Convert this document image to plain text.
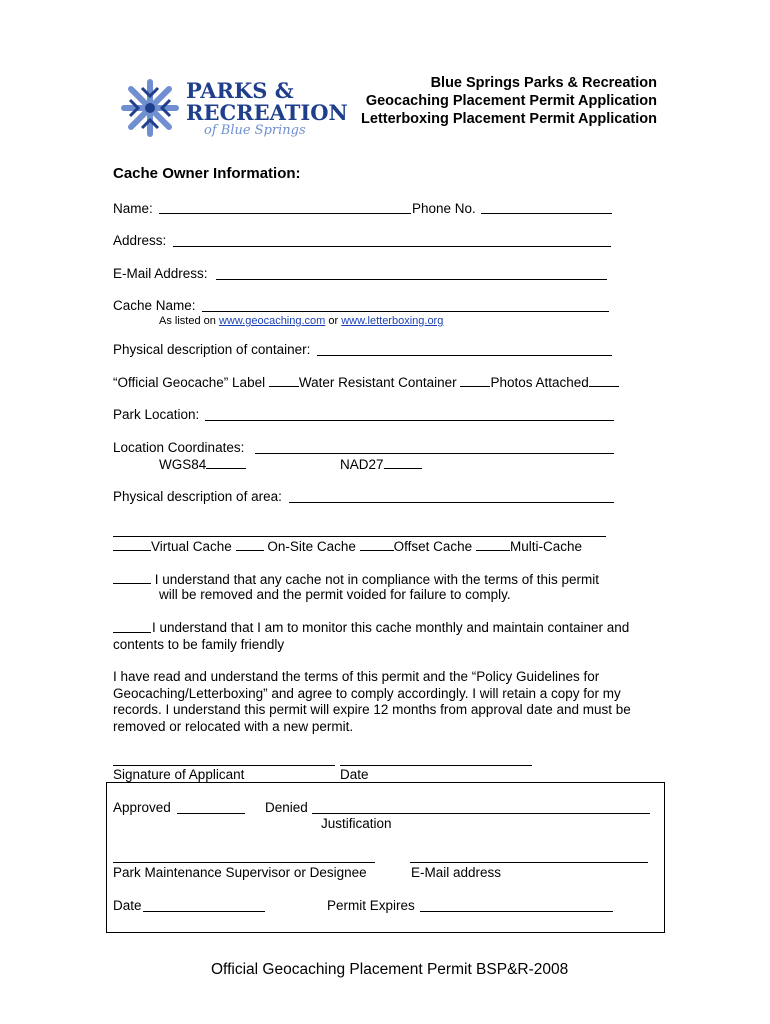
PARKS &
RECREATION
of Blue Springs
Blue Springs Parks & Recreation
Geocaching Placement Permit Application
Letterboxing Placement Permit Application
Cache Owner Information:
Name:	Phone No.
Address:
E-Mail Address:
Cache Name:
As listed on www.geocaching.com or www.letterboxing.org
Physical description of container:
“Official Geocache” Label	Water Resistant Container	Photos Attached
Park Location:
Location Coordinates:
WGS84	NAD27
Physical description of area:
Virtual Cache	On-Site Cache	Offset Cache	Multi-Cache
I understand that any cache not in compliance with the terms of this permit
will be removed and the permit voided for failure to comply.
I understand that I am to monitor this cache monthly and maintain container and contents to be family friendly
I have read and understand the terms of this permit and the “Policy Guidelines for Geocaching/Letterboxing” and agree to comply accordingly. I will retain a copy for my records. I understand this permit will expire 12 months from approval date and must be removed or relocated with a new permit.
Signature of Applicant	Date
Approved	Denied
Justification
Park Maintenance Supervisor or Designee	E-Mail address
Date	Permit Expires
Official Geocaching Placement Permit BSP&R-2008
